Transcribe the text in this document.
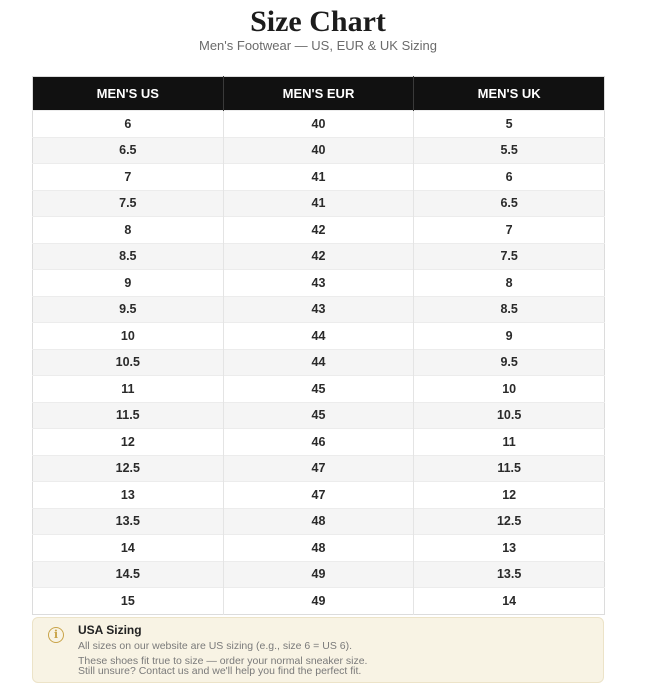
Size Chart
Men's Footwear — US, EUR & UK Sizing
MEN'S US	MEN'S EUR	MEN'S UK
6	40	5
6.5	40	5.5
7	41	6
7.5	41	6.5
8	42	7
8.5	42	7.5
9	43	8
9.5	43	8.5
10	44	9
10.5	44	9.5
11	45	10
11.5	45	10.5
12	46	11
12.5	47	11.5
13	47	12
13.5	48	12.5
14	48	13
14.5	49	13.5
15	49	14
i	USA Sizing
All sizes on our website are US sizing (e.g., size 6 = US 6).
These shoes fit true to size — order your normal sneaker size.
Still unsure? Contact us and we'll help you find the perfect fit.
